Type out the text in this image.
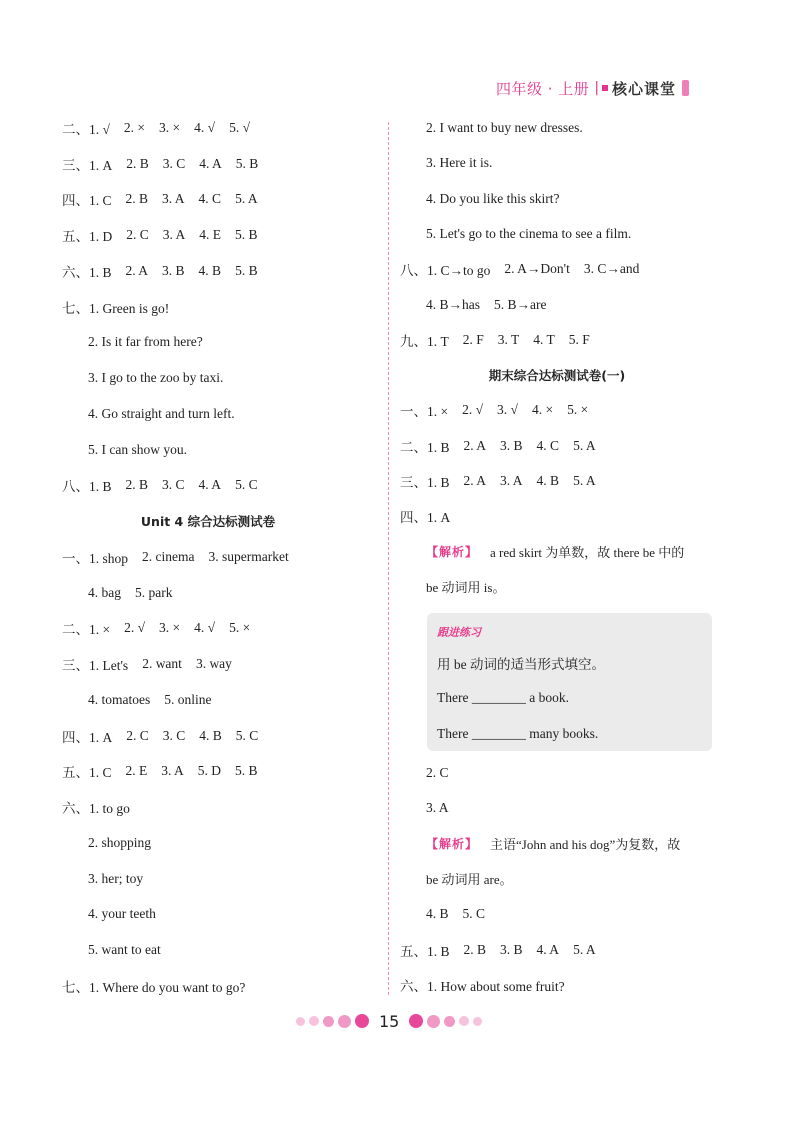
四年级 · 上册 | 核心课堂
二、1. √ 2. × 3. × 4. √ 5. √
三、1. A 2. B 3. C 4. A 5. B
四、1. C 2. B 3. A 4. C 5. A
五、1. D 2. C 3. A 4. E 5. B
六、1. B 2. A 3. B 4. B 5. B
七、1. Green is go!
2. Is it far from here?
3. I go to the zoo by taxi.
4. Go straight and turn left.
5. I can show you.
八、1. B 2. B 3. C 4. A 5. C
Unit 4 综合达标测试卷
一、1. shop 2. cinema 3. supermarket
4. bag 5. park
二、1. × 2. √ 3. × 4. √ 5. ×
三、1. Let's 2. want 3. way
4. tomatoes 5. online
四、1. A 2. C 3. C 4. B 5. C
五、1. C 2. E 3. A 5. D 5. B
六、1. to go
2. shopping
3. her; toy
4. your teeth
5. want to eat
七、1. Where do you want to go?
2. I want to buy new dresses.
3. Here it is.
4. Do you like this skirt?
5. Let's go to the cinema to see a film.
八、1. C→to go 2. A→Don't 3. C→and
4. B→has 5. B→are
九、1. T 2. F 3. T 4. T 5. F
期末综合达标测试卷(一)
一、1. × 2. √ 3. √ 4. × 5. ×
二、1. B 2. A 3. B 4. C 5. A
三、1. B 2. A 3. A 4. B 5. A
四、1. A
【解析】 a red skirt 为单数，故 there be 中的
be 动词用 is。
跟进练习
用 be 动词的适当形式填空。
There ________ a book.
There ________ many books.
2. C
3. A
【解析】 主语“John and his dog”为复数，故
be 动词用 are。
4. B 5. C
五、1. B 2. B 3. B 4. A 5. A
六、1. How about some fruit?
15
